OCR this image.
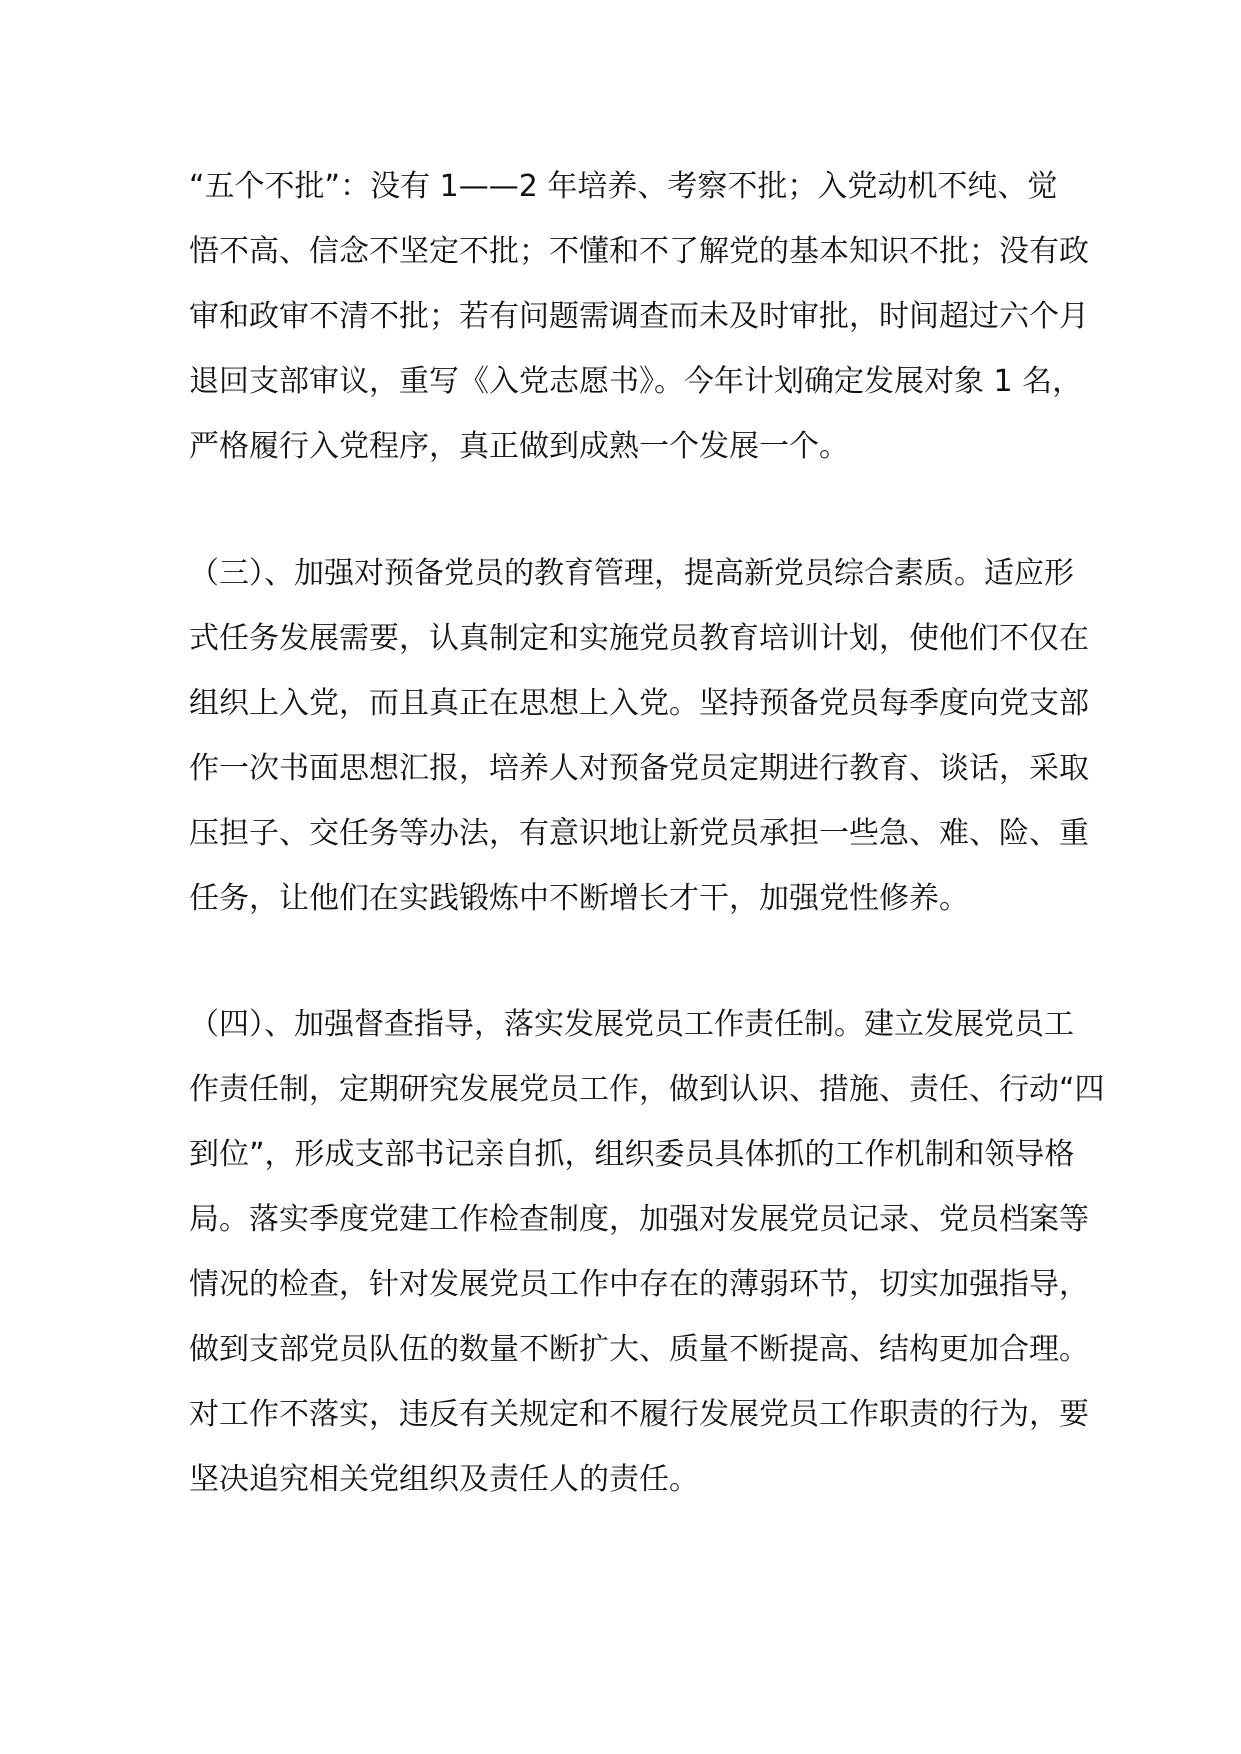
“五个不批”：没有 1——2 年培养、考察不批；入党动机不纯、觉
悟不高、信念不坚定不批；不懂和不了解党的基本知识不批；没有政
审和政审不清不批；若有问题需调查而未及时审批，时间超过六个月
退回支部审议，重写《入党志愿书》。今年计划确定发展对象 1 名，
严格履行入党程序，真正做到成熟一个发展一个。
（三）、加强对预备党员的教育管理，提高新党员综合素质。适应形
式任务发展需要，认真制定和实施党员教育培训计划，使他们不仅在
组织上入党，而且真正在思想上入党。坚持预备党员每季度向党支部
作一次书面思想汇报，培养人对预备党员定期进行教育、谈话，采取
压担子、交任务等办法，有意识地让新党员承担一些急、难、险、重
任务，让他们在实践锻炼中不断增长才干，加强党性修养。
（四）、加强督查指导，落实发展党员工作责任制。建立发展党员工
作责任制，定期研究发展党员工作，做到认识、措施、责任、行动“四
到位”，形成支部书记亲自抓，组织委员具体抓的工作机制和领导格
局。落实季度党建工作检查制度，加强对发展党员记录、党员档案等
情况的检查，针对发展党员工作中存在的薄弱环节，切实加强指导，
做到支部党员队伍的数量不断扩大、质量不断提高、结构更加合理。
对工作不落实，违反有关规定和不履行发展党员工作职责的行为，要
坚决追究相关党组织及责任人的责任。
